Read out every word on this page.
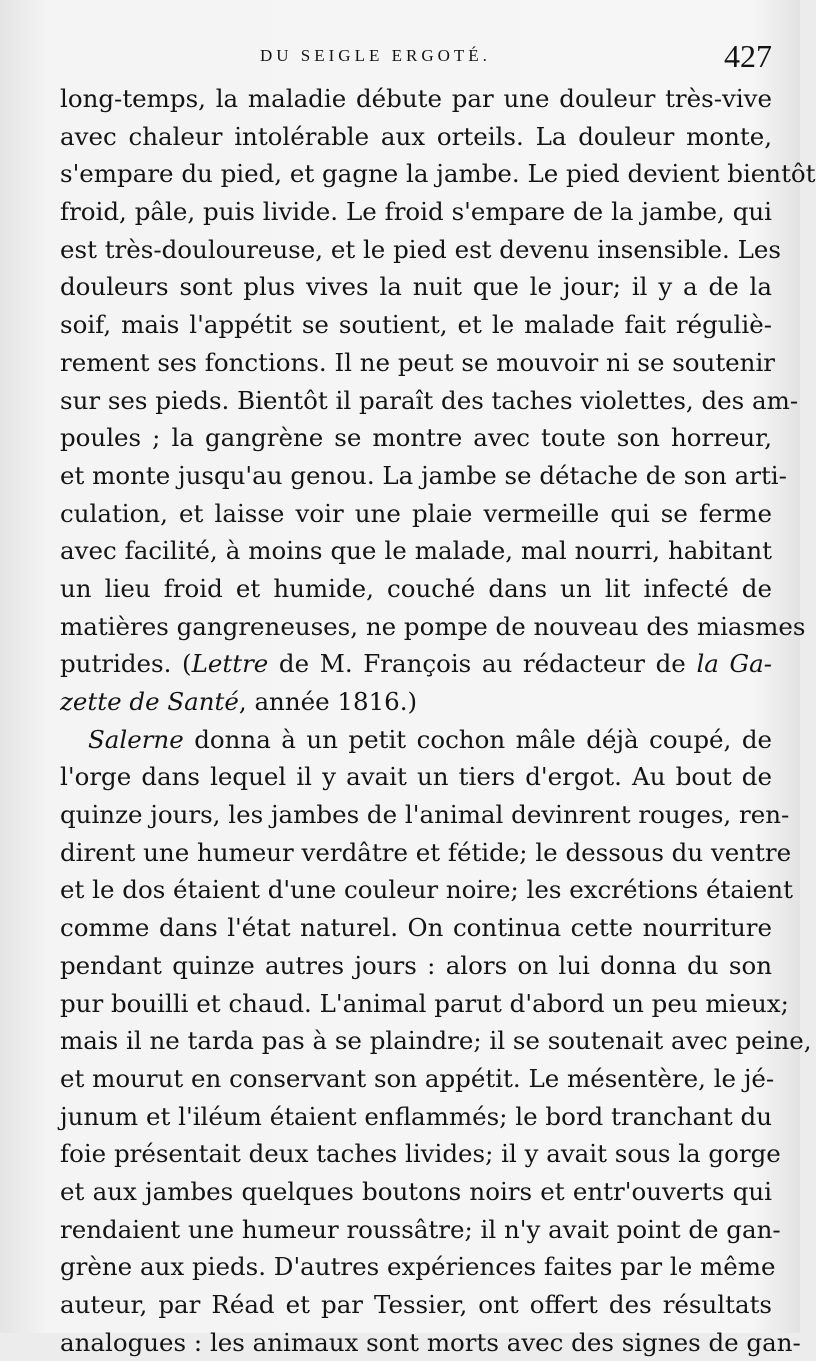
DU SEIGLE ERGOTÉ.	427
long-temps, la maladie débute par une douleur très-vive
avec chaleur intolérable aux orteils. La douleur monte,
s'empare du pied, et gagne la jambe. Le pied devient bientôt
froid, pâle, puis livide. Le froid s'empare de la jambe, qui
est très-douloureuse, et le pied est devenu insensible. Les
douleurs sont plus vives la nuit que le jour; il y a de la
soif, mais l'appétit se soutient, et le malade fait réguliè-
rement ses fonctions. Il ne peut se mouvoir ni se soutenir
sur ses pieds. Bientôt il paraît des taches violettes, des am-
poules ; la gangrène se montre avec toute son horreur,
et monte jusqu'au genou. La jambe se détache de son arti-
culation, et laisse voir une plaie vermeille qui se ferme
avec facilité, à moins que le malade, mal nourri, habitant
un lieu froid et humide, couché dans un lit infecté de
matières gangreneuses, ne pompe de nouveau des miasmes
putrides. (Lettre de M. François au rédacteur de la Ga-
zette de Santé, année 1816.)
Salerne donna à un petit cochon mâle déjà coupé, de
l'orge dans lequel il y avait un tiers d'ergot. Au bout de
quinze jours, les jambes de l'animal devinrent rouges, ren-
dirent une humeur verdâtre et fétide; le dessous du ventre
et le dos étaient d'une couleur noire; les excrétions étaient
comme dans l'état naturel. On continua cette nourriture
pendant quinze autres jours : alors on lui donna du son
pur bouilli et chaud. L'animal parut d'abord un peu mieux;
mais il ne tarda pas à se plaindre; il se soutenait avec peine,
et mourut en conservant son appétit. Le mésentère, le jé-
junum et l'iléum étaient enflammés; le bord tranchant du
foie présentait deux taches livides; il y avait sous la gorge
et aux jambes quelques boutons noirs et entr'ouverts qui
rendaient une humeur roussâtre; il n'y avait point de gan-
grène aux pieds. D'autres expériences faites par le même
auteur, par Réad et par Tessier, ont offert des résultats
analogues : les animaux sont morts avec des signes de gan-
